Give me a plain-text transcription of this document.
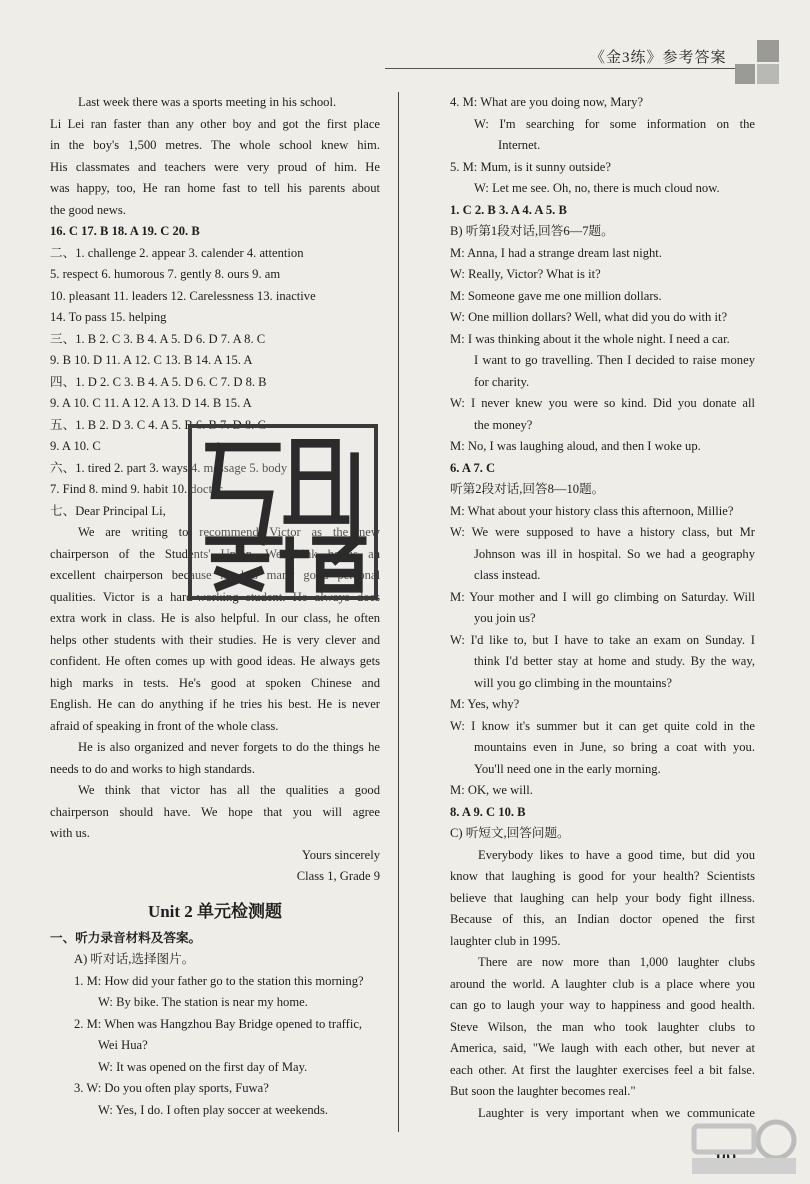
《金3练》参考答案
Last week there was a sports meeting in his school.
Li Lei ran faster than any other boy and got the first place
in the boy's 1,500 metres. The whole school knew him.
His classmates and teachers were very proud of him. He
was happy, too, He ran home fast to tell his parents about
the good news.
16. C 17. B 18. A 19. C 20. B
二、1. challenge 2. appear 3. calender 4. attention
5. respect 6. humorous 7. gently 8. ours 9. am
10. pleasant 11. leaders 12. Carelessness 13. inactive
14. To pass 15. helping
三、1. B 2. C 3. B 4. A 5. D 6. D 7. A 8. C
9. B 10. D 11. A 12. C 13. B 14. A 15. A
四、1. D 2. C 3. B 4. A 5. D 6. C 7. D 8. B
9. A 10. C 11. A 12. A 13. D 14. B 15. A
五、1. B 2. D 3. C 4. A 5. B 6. B 7. D 8. C
9. A 10. C
六、1. tired 2. part 3. ways 4. message 5. body
7. Find 8. mind 9. habit 10. doctor
七、Dear Principal Li,
We are writing to recommend Victor as the new
chairperson of the Students' Union. We think he is an
excellent chairperson because he has many good personal
qualities. Victor is a hard-working student. He always does
extra work in class. He is also helpful. In our class, he often
helps other students with their studies. He is very clever and
confident. He often comes up with good ideas. He always gets
high marks in tests. He's good at spoken Chinese and
English. He can do anything if he tries his best. He is never
afraid of speaking in front of the whole class.
He is also organized and never forgets to do the things he
needs to do and works to high standards.
We think that victor has all the qualities a good
chairperson should have. We hope that you will agree
with us.
Yours sincerely
Class 1, Grade 9
Unit 2 单元检测题
一、听力录音材料及答案。
A) 听对话,选择图片。
1. M: How did your father go to the station this morning?
W: By bike. The station is near my home.
2. M: When was Hangzhou Bay Bridge opened to traffic,
Wei Hua?
W: It was opened on the first day of May.
3. W: Do you often play sports, Fuwa?
W: Yes, I do. I often play soccer at weekends.
4. M: What are you doing now, Mary?
W: I'm searching for some information on the
Internet.
5. M: Mum, is it sunny outside?
W: Let me see. Oh, no, there is much cloud now.
1. C 2. B 3. A 4. A 5. B
B) 听第1段对话,回答6—7题。
M: Anna, I had a strange dream last night.
W: Really, Victor? What is it?
M: Someone gave me one million dollars.
W: One million dollars? Well, what did you do with it?
M: I was thinking about it the whole night. I need a car.
I want to go travelling. Then I decided to raise money
for charity.
W: I never knew you were so kind. Did you donate all
the money?
M: No, I was laughing aloud, and then I woke up.
6. A 7. C
听第2段对话,回答8—10题。
M: What about your history class this afternoon, Millie?
W: We were supposed to have a history class, but Mr
Johnson was ill in hospital. So we had a geography
class instead.
M: Your mother and I will go climbing on Saturday. Will
you join us?
W: I'd like to, but I have to take an exam on Sunday. I
think I'd better stay at home and study. By the way,
will you go climbing in the mountains?
M: Yes, why?
W: I know it's summer but it can get quite cold in the
mountains even in June, so bring a coat with you.
You'll need one in the early morning.
M: OK, we will.
8. A 9. C 10. B
C) 听短文,回答问题。
Everybody likes to have a good time, but did you
know that laughing is good for your health? Scientists
believe that laughing can help your body fight illness.
Because of this, an Indian doctor opened the first
laughter club in 1995.
There are now more than 1,000 laughter clubs
around the world. A laughter club is a place where you
can go to laugh your way to happiness and good health.
Steve Wilson, the man who took laughter clubs to
America, said, "We laugh with each other, but never at
each other. At first the laughter exercises feel a bit false.
But soon the laughter becomes real."
Laughter is very important when we communicate
互助文档
